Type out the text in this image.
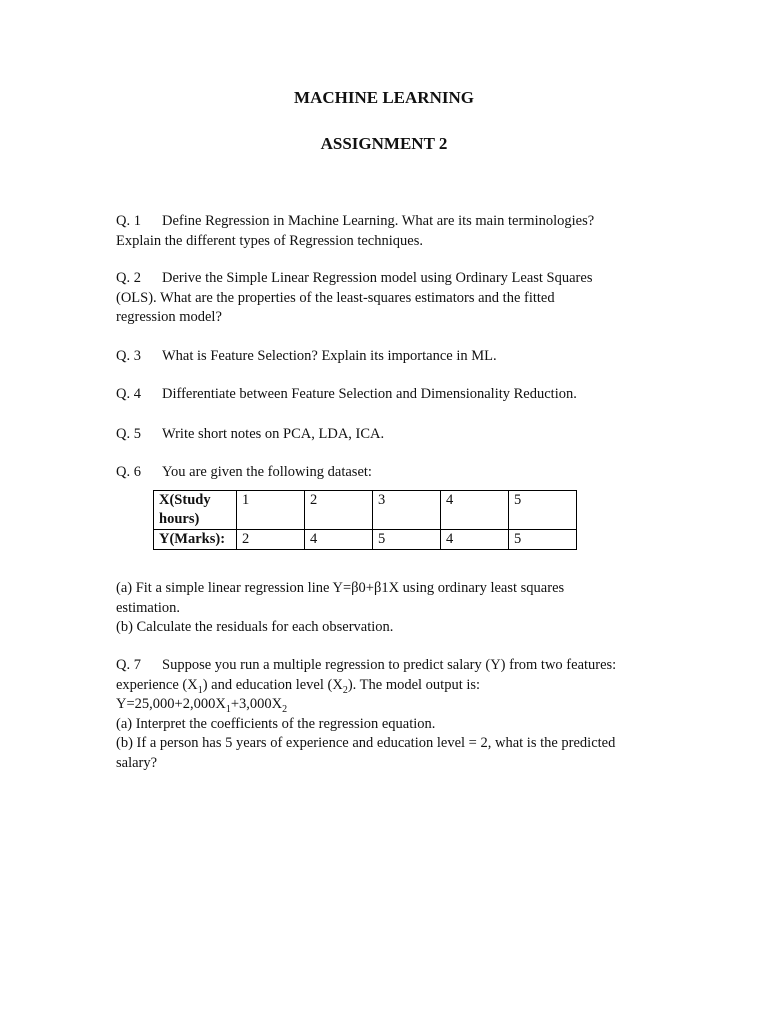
MACHINE LEARNING
ASSIGNMENT 2
Q. 1 Define Regression in Machine Learning. What are its main terminologies?
Explain the different types of Regression techniques.
Q. 2 Derive the Simple Linear Regression model using Ordinary Least Squares
(OLS). What are the properties of the least-squares estimators and the fitted
regression model?
Q. 3 What is Feature Selection? Explain its importance in ML.
Q. 4 Differentiate between Feature Selection and Dimensionality Reduction.
Q. 5 Write short notes on PCA, LDA, ICA.
Q. 6 You are given the following dataset:
X(Study hours)	1	2	3	4	5
Y(Marks):	2	4	5	4	5
(a) Fit a simple linear regression line Y=β0+β1X using ordinary least squares
estimation.
(b) Calculate the residuals for each observation.
Q. 7 Suppose you run a multiple regression to predict salary (Y) from two features:
experience $(X_1)$ and education level $(X_2)$. The model output is:
$Y=25,000+2,000X_1+3,000X_2$
(a) Interpret the coefficients of the regression equation.
(b) If a person has 5 years of experience and education level = 2, what is the predicted
salary?
